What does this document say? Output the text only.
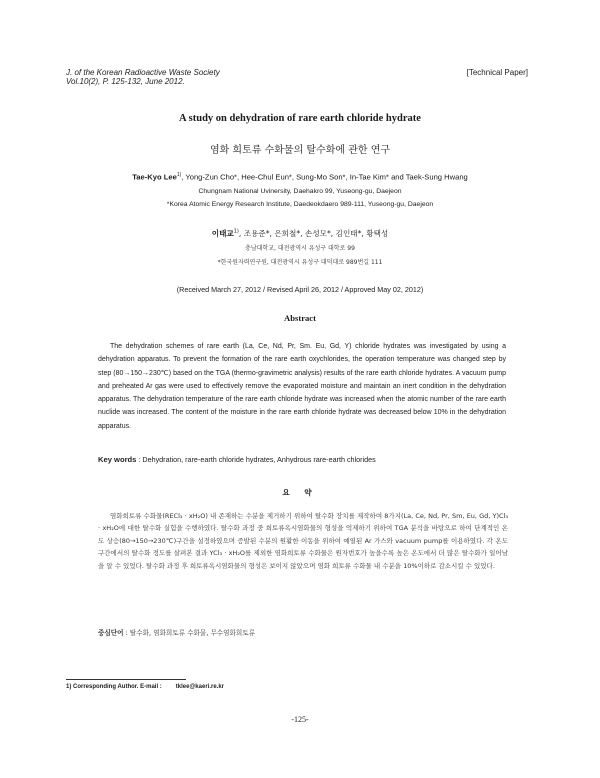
J. of the Korean Radioactive Waste Society
Vol.10(2), P. 125-132, June 2012.
[Technical Paper]
A study on dehydration of rare earth chloride hydrate
염화 희토류 수화물의 탈수화에 관한 연구
Tae-Kyo Lee$^{1)}$, Yong-Zun Cho*, Hee-Chul Eun*, Sung-Mo Son*, In-Tae Kim* and Taek-Sung Hwang
Chungnam National Uvinersity, Daehakro 99, Yuseong-gu, Daejeon
*Korea Atomic Energy Research Institute, Daedeokdaero 989-111, Yuseong-gu, Daejeon
이태교$^{1)}$, 조용준*, 은희철*, 손성모*, 김인태*, 황택성
충남대학교, 대전광역시 유성구 대학로 99
*한국원자력연구원, 대전광역시 유성구 대덕대로 989번길 111
(Received March 27, 2012 / Revised April 26, 2012 / Approved May 02, 2012)
Abstract

The dehydration schemes of rare earth (La, Ce, Nd, Pr, Sm. Eu, Gd, Y) chloride hydrates was investigated by using a dehydration apparatus. To prevent the formation of the rare earth oxychlorides, the operation temperature was changed step by step (80→150→230℃) based on the TGA (thermo-gravimetric analysis) results of the rare earth chloride hydrates. A vacuum pump and preheated Ar gas were used to effectively remove the evaporated moisture and maintain an inert condition in the dehydration apparatus. The dehydration temperature of the rare earth chloride hydrate was increased when the atomic number of the rare earth nuclide was increased. The content of the moisture in the rare earth chloride hydrate was decreased below 10% in the dehydration apparatus.

Key words : Dehydration, rare-earth chloride hydrates, Anhydrous rare-earth chlorides
요 약

염화희토류 수화물(RECl₃ · xH₂O) 내 존재하는 수분을 제거하기 위하여 탈수화 장치를 제작하여 8가지(La, Ce, Nd, Pr, Sm, Eu, Gd, Y)Cl₃ · xH₂O에 대한 탈수화 실험을 수행하였다. 탈수화 과정 중 희토류옥시염화물의 형성을 억제하기 위하여 TGA 분석을 바탕으로 하여 단계적인 온도 상승(80→150→230℃)구간을 설정하였으며 증발된 수분의 원활한 이동을 위하여 예열된 Ar 가스와 vacuum pump를 이용하였다. 각 온도구간에서의 탈수화 정도를 살펴본 결과 YCl₃ · xH₂O를 제외한 염화희토류 수화물은 원자번호가 높을수록 높은 온도에서 더 많은 탈수화가 일어남을 알 수 있었다. 탈수화 과정 후 희토류옥시염화물의 형성은 보이지 않았으며 염화 희토류 수화물 내 수분을 10%이하로 감소시킬 수 있었다.

중심단어 : 탈수화, 염화희토류 수화물, 무수염화희토류
1) Corresponding Author. E-mail : tklee@kaeri.re.kr
-125-
